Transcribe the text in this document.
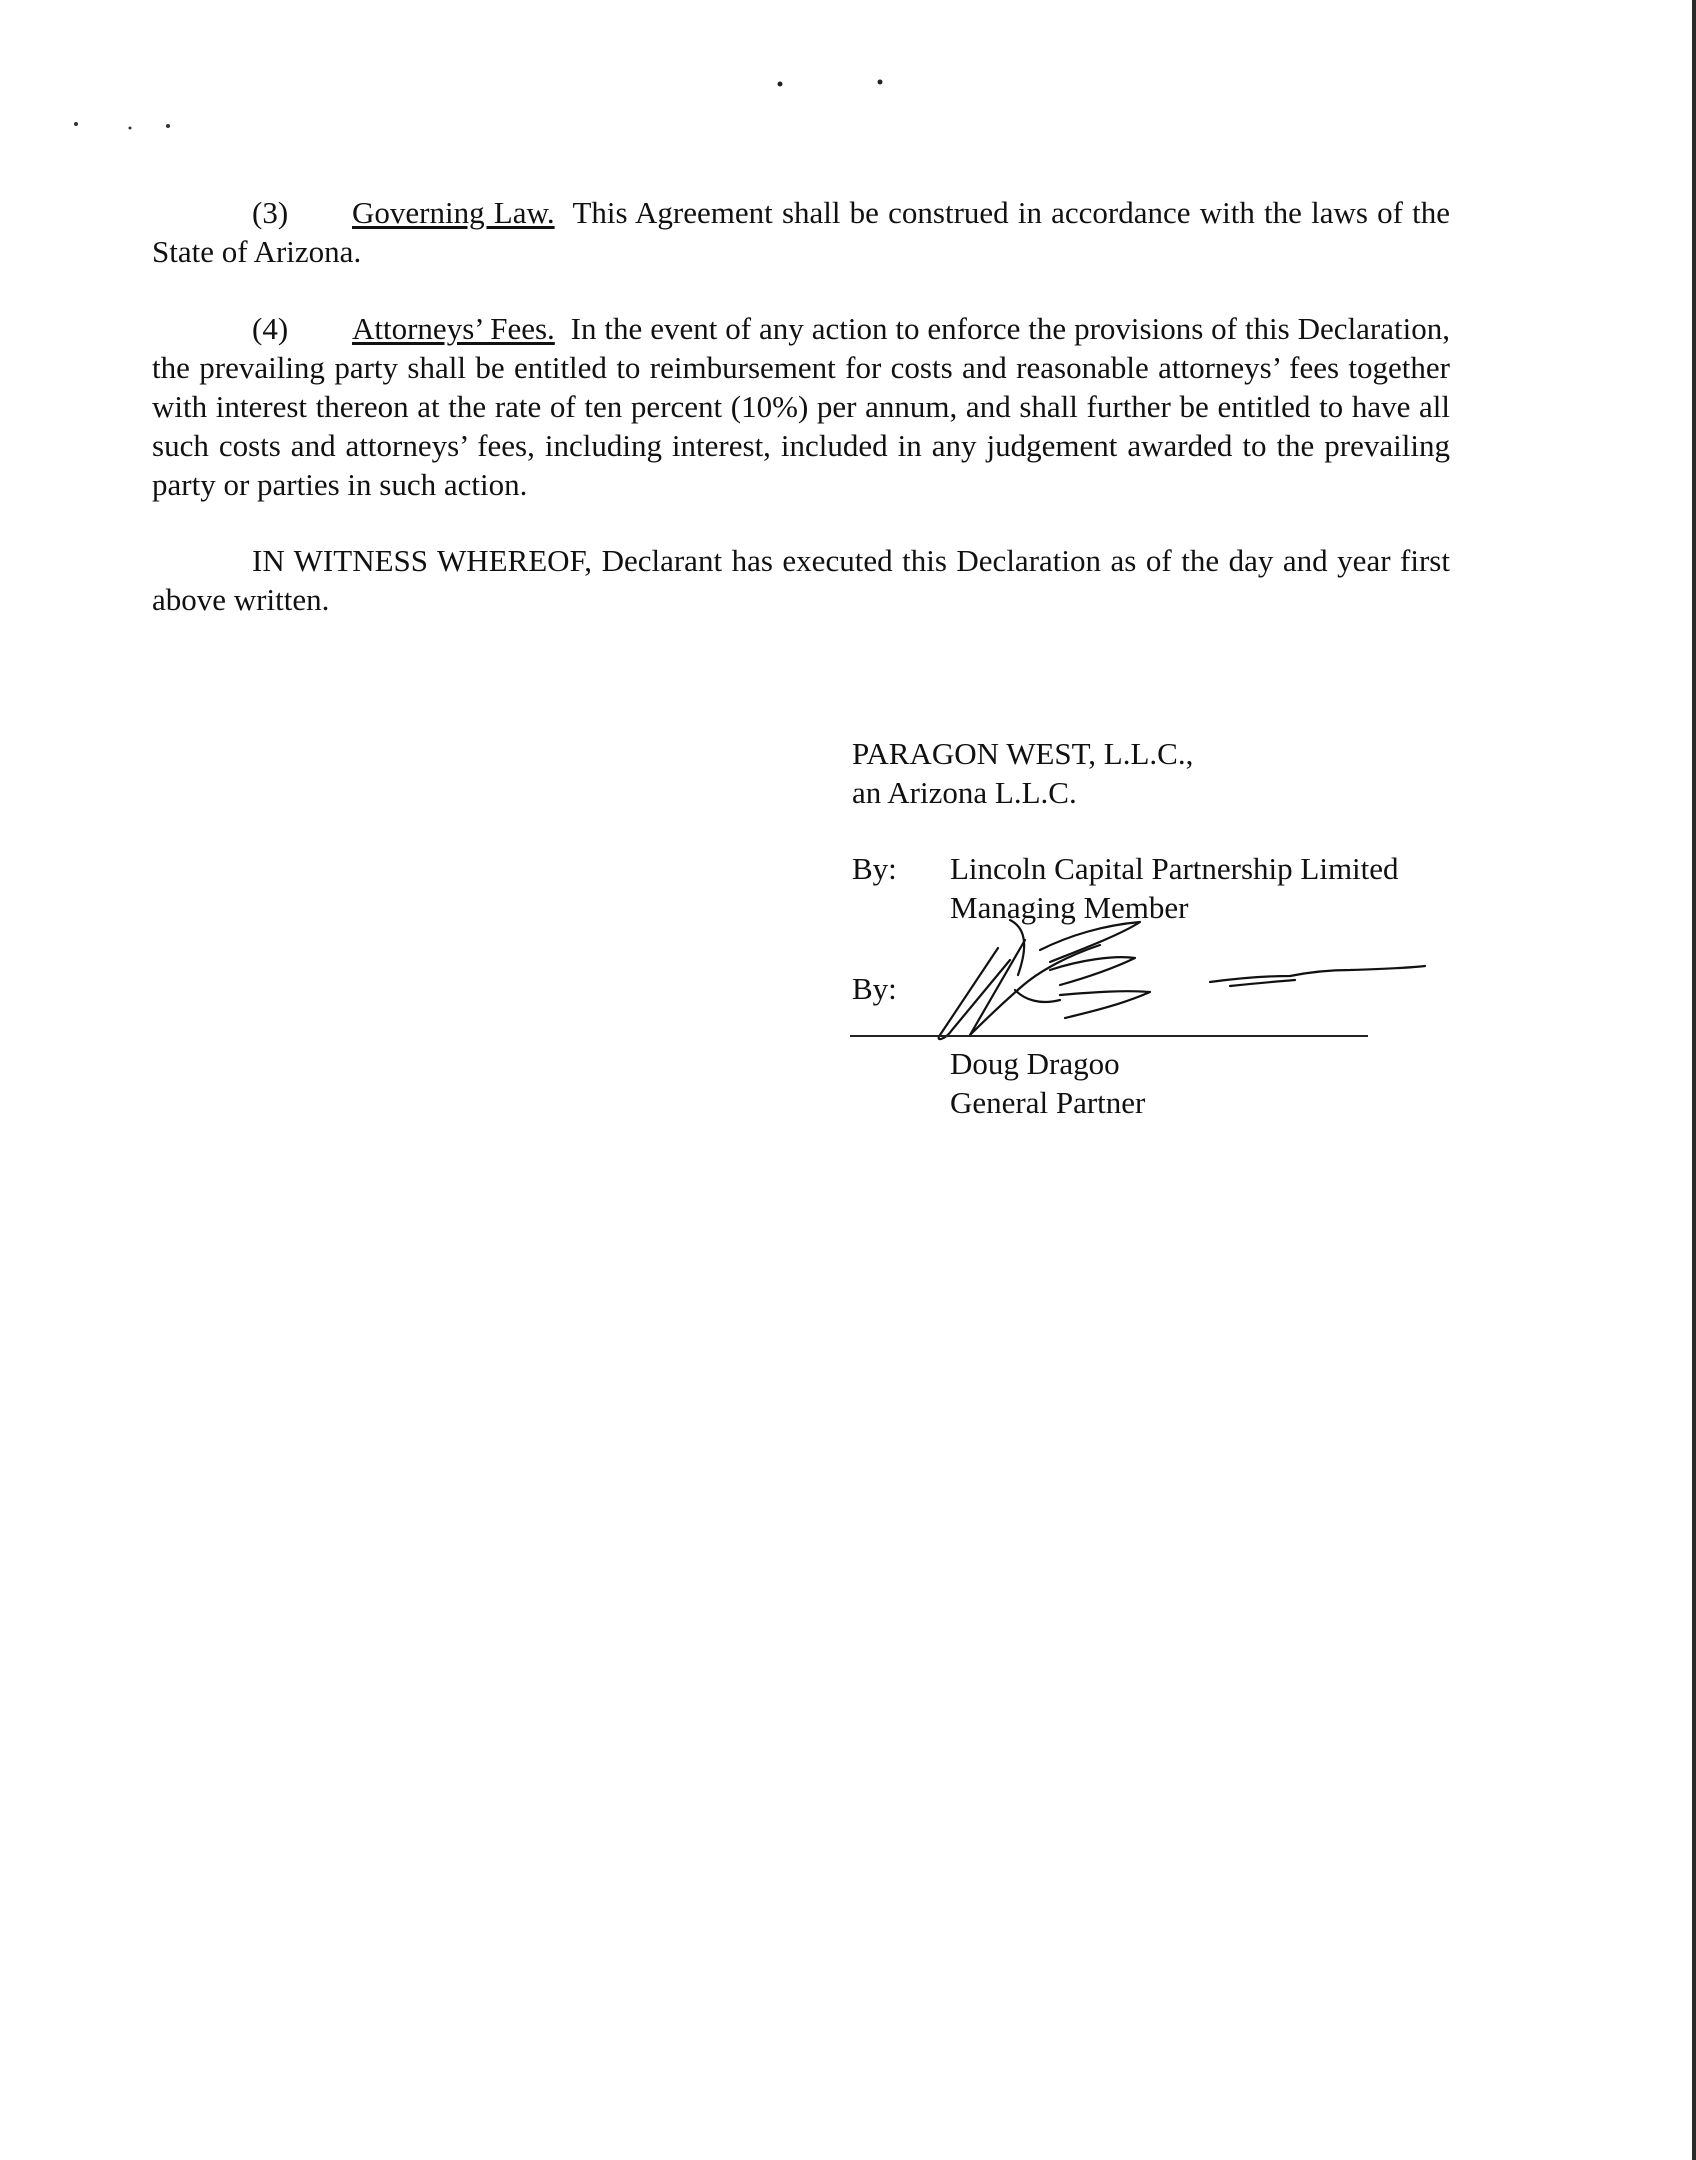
(3) Governing Law. This Agreement shall be construed in accordance with the laws of the State of Arizona.

(4) Attorneys’ Fees. In the event of any action to enforce the provisions of this Declaration, the prevailing party shall be entitled to reimbursement for costs and reasonable attorneys’ fees together with interest thereon at the rate of ten percent (10%) per annum, and shall further be entitled to have all such costs and attorneys’ fees, including interest, included in any judgement awarded to the prevailing party or parties in such action.

IN WITNESS WHEREOF, Declarant has executed this Declaration as of the day and year first above written.

PARAGON WEST, L.L.C.,
an Arizona L.L.C.
By: Lincoln Capital Partnership Limited
Managing Member
By:
Doug Dragoo
General Partner
